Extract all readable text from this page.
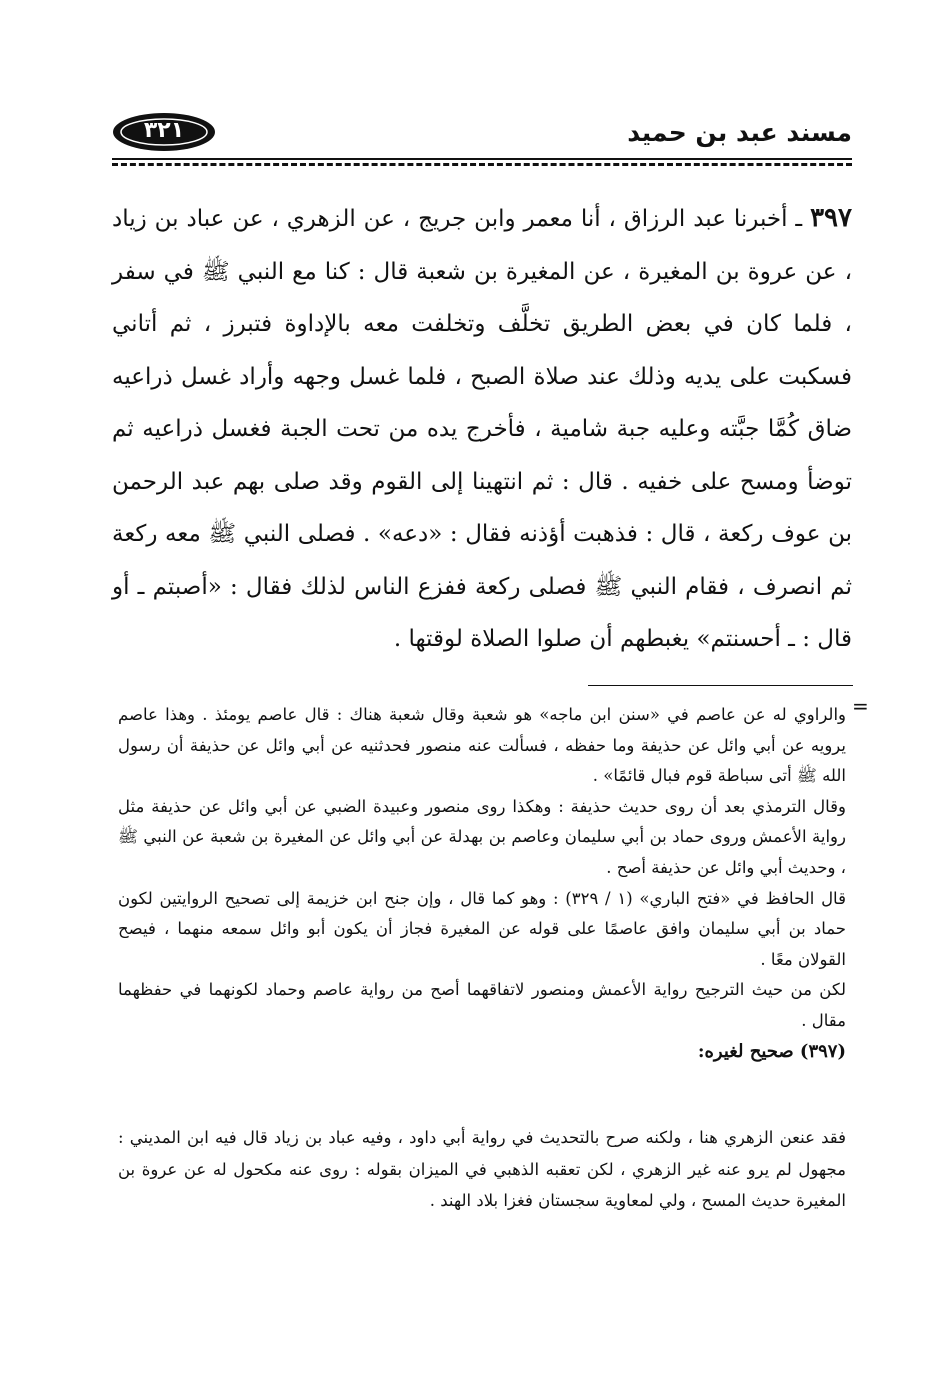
٣٢١	مسند عبد بن حميد
٣٩٧ ـ أخبرنا عبد الرزاق ، أنا معمر وابن جريج ، عن الزهري ، عن عباد بن زياد ، عن عروة بن المغيرة ، عن المغيرة بن شعبة قال : كنا مع النبي ﷺ في سفر ، فلما كان في بعض الطريق تخلَّف وتخلفت معه بالإداوة فتبرز ، ثم أتاني فسكبت على يديه وذلك عند صلاة الصبح ، فلما غسل وجهه وأراد غسل ذراعيه ضاق كُمَّا جبَّته وعليه جبة شامية ، فأخرج يده من تحت الجبة فغسل ذراعيه ثم توضأ ومسح على خفيه . قال : ثم انتهينا إلى القوم وقد صلى بهم عبد الرحمن بن عوف ركعة ، قال : فذهبت أؤذنه فقال : «دعه» . فصلى النبي ﷺ معه ركعة ثم انصرف ، فقام النبي ﷺ فصلى ركعة ففزع الناس لذلك فقال : «أصبتم ـ أو قال : ـ أحسنتم» يغبطهم أن صلوا الصلاة لوقتها .
=

والراوي له عن عاصم في «سنن ابن ماجه» هو شعبة وقال شعبة هناك : قال عاصم يومئذ . وهذا عاصم يرويه عن أبي وائل عن حذيفة وما حفظه ، فسألت عنه منصور فحدثنيه عن أبي وائل عن حذيفة أن رسول الله ﷺ أتى سباطة قوم فبال قائمًا» .

وقال الترمذي بعد أن روى حديث حذيفة : وهكذا روى منصور وعبيدة الضبي عن أبي وائل عن حذيفة مثل رواية الأعمش وروى حماد بن أبي سليمان وعاصم بن بهدلة عن أبي وائل عن المغيرة بن شعبة عن النبي ﷺ ، وحديث أبي وائل عن حذيفة أصح .

قال الحافظ في «فتح الباري» (١ / ٣٢٩) : وهو كما قال ، وإن جنح ابن خزيمة إلى تصحيح الروايتين لكون حماد بن أبي سليمان وافق عاصمًا على قوله عن المغيرة فجاز أن يكون أبو وائل سمعه منهما ، فيصح القولان معًا .

لكن من حيث الترجيح رواية الأعمش ومنصور لاتفاقهما أصح من رواية عاصم وحماد لكونهما في حفظهما مقال .

(٣٩٧) صحيح لغيره:

فقد عنعن الزهري هنا ، ولكنه صرح بالتحديث في رواية أبي داود ، وفيه عباد بن زياد قال فيه ابن المديني : مجهول لم يرو عنه غير الزهري ، لكن تعقبه الذهبي في الميزان بقوله : روى عنه مكحول له عن عروة بن المغيرة حديث المسح ، ولي لمعاوية سجستان فغزا بلاد الهند .
